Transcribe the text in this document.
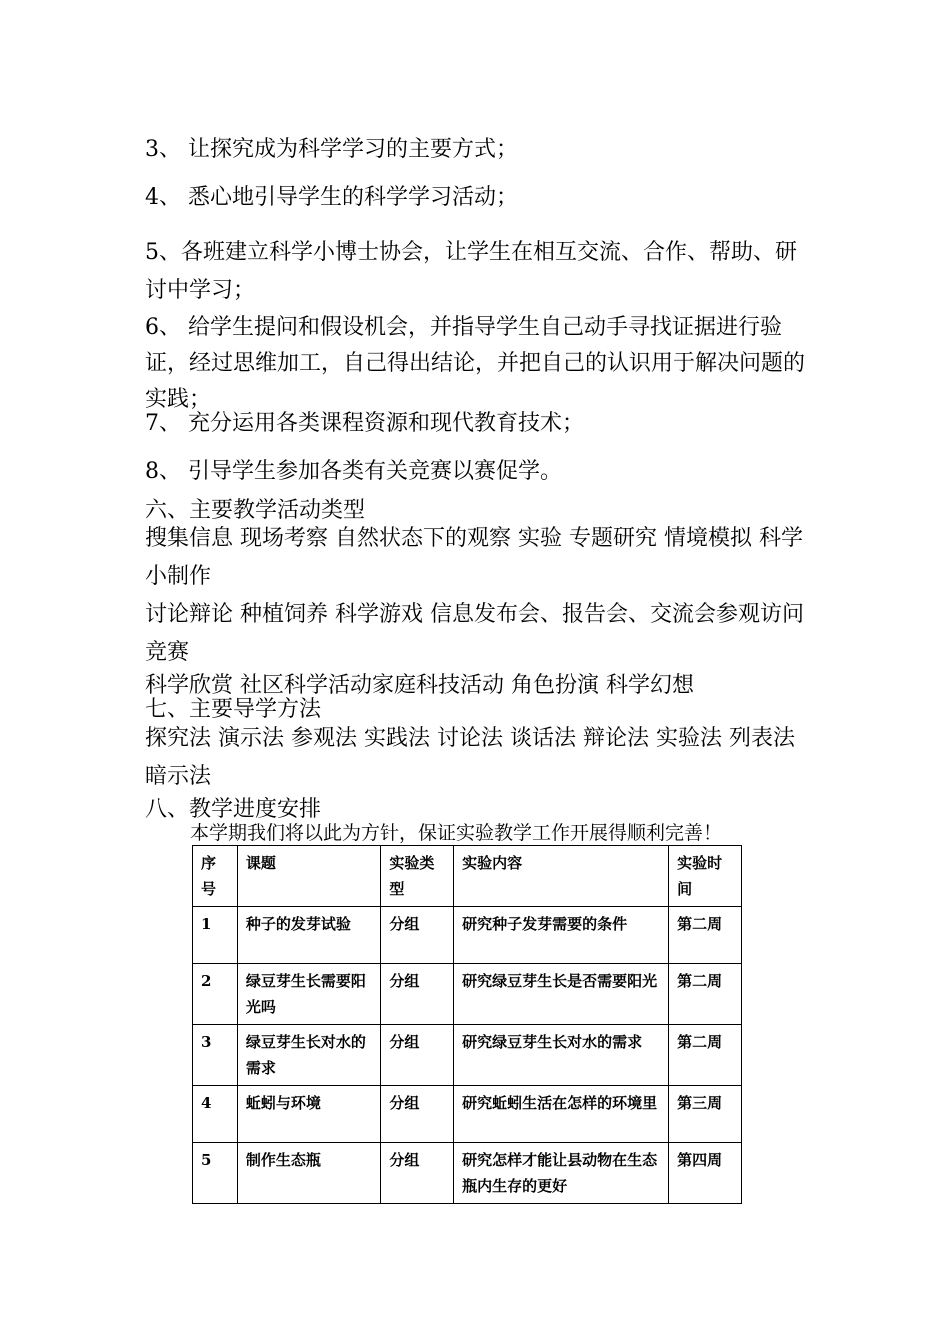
3、 让探究成为科学学习的主要方式；
4、 悉心地引导学生的科学学习活动；
5、各班建立科学小博士协会，让学生在相互交流、合作、帮助、研讨中学习；
6、 给学生提问和假设机会，并指导学生自己动手寻找证据进行验证，经过思维加工，自己得出结论，并把自己的认识用于解决问题的实践；
7、 充分运用各类课程资源和现代教育技术；
8、 引导学生参加各类有关竞赛以赛促学。
六、主要教学活动类型
搜集信息 现场考察 自然状态下的观察 实验 专题研究 情境模拟 科学小制作
讨论辩论 种植饲养 科学游戏 信息发布会、报告会、交流会参观访问 竞赛
科学欣赏 社区科学活动家庭科技活动 角色扮演 科学幻想
七、主要导学方法
探究法 演示法 参观法 实践法 讨论法 谈话法 辩论法 实验法 列表法 暗示法
八、教学进度安排
本学期我们将以此为方针，保证实验教学工作开展得顺利完善！
序号	课题	实验类型	实验内容	实验时间
1	种子的发芽试验	分组	研究种子发芽需要的条件	第二周
2	绿豆芽生长需要阳光吗	分组	研究绿豆芽生长是否需要阳光	第二周
3	绿豆芽生长对水的需求	分组	研究绿豆芽生长对水的需求	第二周
4	蚯蚓与环境	分组	研究蚯蚓生活在怎样的环境里	第三周
5	制作生态瓶	分组	研究怎样才能让县动物在生态瓶内生存的更好	第四周
